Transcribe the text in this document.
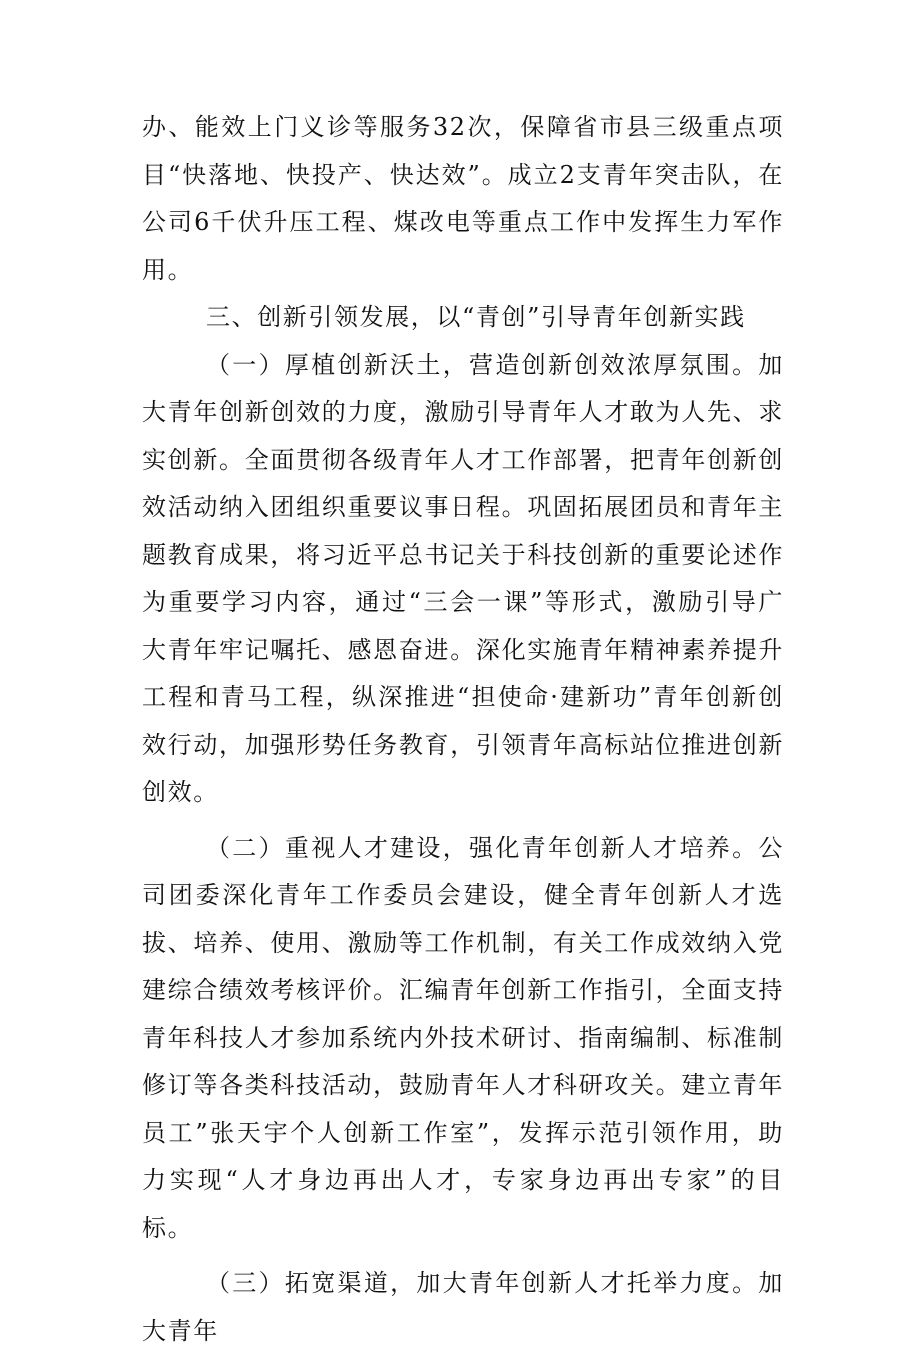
办、能效上门义诊等服务32次，保障省市县三级重点项目“快落地、快投产、快达效”。成立2支青年突击队，在公司6千伏升压工程、煤改电等重点工作中发挥生力军作用。

三、创新引领发展，以“青创”引导青年创新实践

（一）厚植创新沃土，营造创新创效浓厚氛围。加大青年创新创效的力度，激励引导青年人才敢为人先、求实创新。全面贯彻各级青年人才工作部署，把青年创新创效活动纳入团组织重要议事日程。巩固拓展团员和青年主题教育成果，将习近平总书记关于科技创新的重要论述作为重要学习内容，通过“三会一课”等形式，激励引导广大青年牢记嘱托、感恩奋进。深化实施青年精神素养提升工程和青马工程，纵深推进“担使命·建新功”青年创新创效行动，加强形势任务教育，引领青年高标站位推进创新创效。

（二）重视人才建设，强化青年创新人才培养。公司团委深化青年工作委员会建设，健全青年创新人才选拔、培养、使用、激励等工作机制，有关工作成效纳入党建综合绩效考核评价。汇编青年创新工作指引，全面支持青年科技人才参加系统内外技术研讨、指南编制、标准制修订等各类科技活动，鼓励青年人才科研攻关。建立青年员工”张天宇个人创新工作室”，发挥示范引领作用，助力实现“人才身边再出人才，专家身边再出专家”的目标。

（三）拓宽渠道，加大青年创新人才托举力度。加大青年
